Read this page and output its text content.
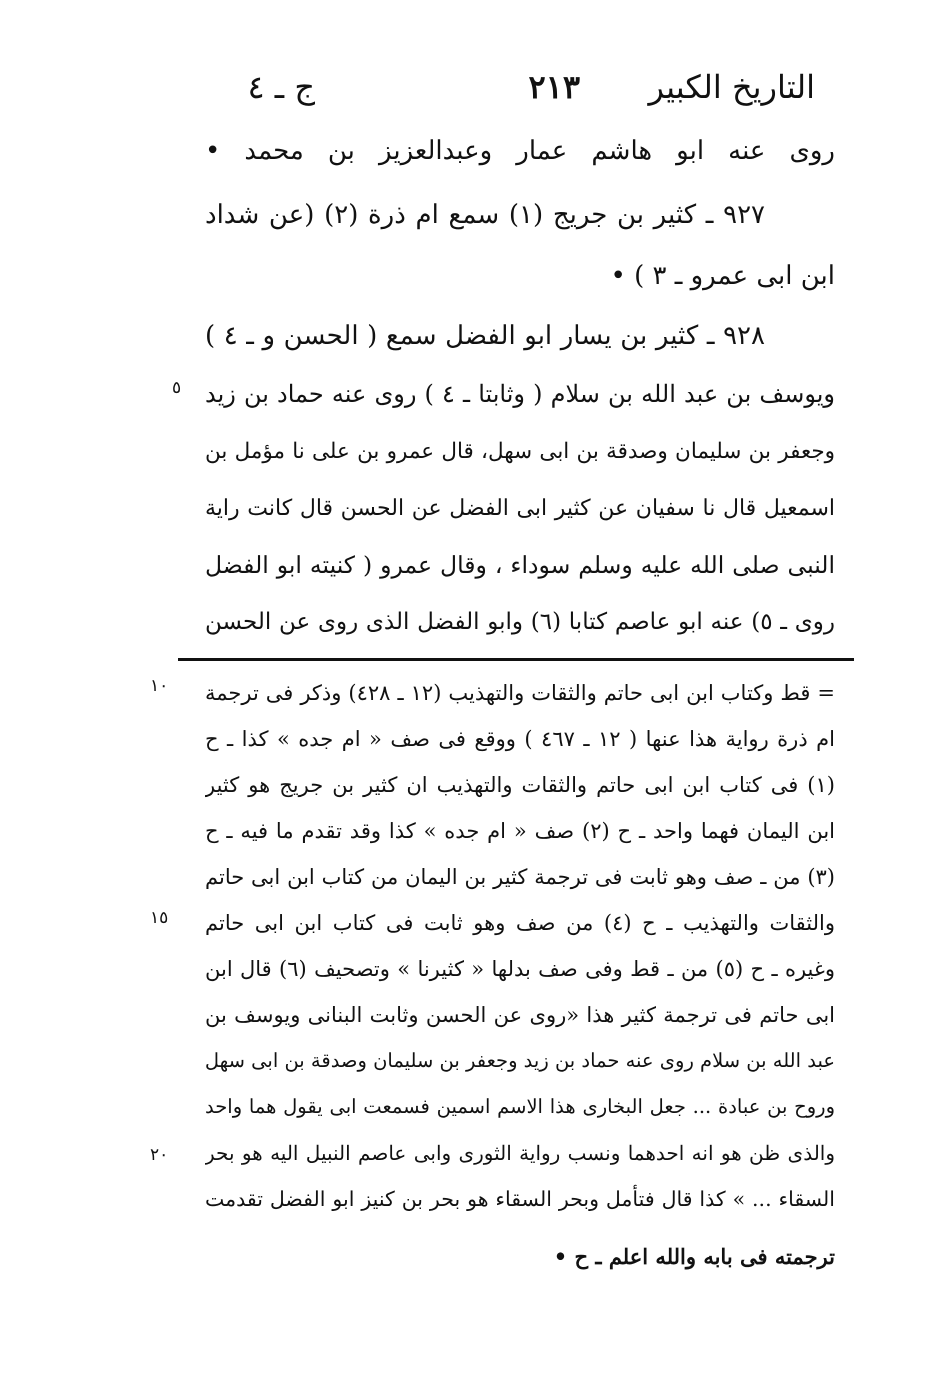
التاريخ الكبير
٢١٣
ج ـ ٤
روى عنه ابو هاشم عمار وعبدالعزيز بن محمد •
٩٢٧ ـ كثير بن جريج (١) سمع ام ذرة (٢) (عن شداد
ابن ابى عمرو ـ ٣ ) •
٩٢٨ ـ كثير بن يسار ابو الفضل سمع ( الحسن و ـ ٤ )
ويوسف بن عبد الله بن سلام ( وثابتا ـ ٤ ) روى عنه حماد بن زيد
وجعفر بن سليمان وصدقة بن ابى سهل، قال عمرو بن على نا مؤمل بن
اسمعيل قال نا سفيان عن كثير ابى الفضل عن الحسن قال كانت راية
النبى صلى الله عليه وسلم سوداء ، وقال عمرو ( كنيته ابو الفضل
روى ـ ٥) عنه ابو عاصم كتابا (٦) وابو الفضل الذى روى عن الحسن
٥
= قط وكتاب ابن ابى حاتم والثقات والتهذيب (١٢ ـ ٤٢٨) وذكر فى ترجمة
ام ذرة رواية هذا عنها ( ١٢ ـ ٤٦٧ ) ووقع فى صف « ام جده » كذا ـ ح
(١) فى كتاب ابن ابى حاتم والثقات والتهذيب ان كثير بن جريج هو كثير
ابن اليمان فهما واحد ـ ح (٢) صف « ام جده » كذا وقد تقدم ما فيه ـ ح
(٣) من ـ صف وهو ثابت فى ترجمة كثير بن اليمان من كتاب ابن ابى حاتم
والثقات والتهذيب ـ ح (٤) من صف وهو ثابت فى كتاب ابن ابى حاتم
وغيره ـ ح (٥) من ـ قط وفى صف بدلها « كثيرنا » وتصحيف (٦) قال ابن
ابى حاتم فى ترجمة كثير هذا «روى عن الحسن وثابت البنانى ويوسف بن
عبد الله بن سلام روى عنه حماد بن زيد وجعفر بن سليمان وصدقة بن ابى سهل
وروح بن عبادة ... جعل البخارى هذا الاسم اسمين فسمعت ابى يقول هما واحد
والذى ظن هو انه احدهما ونسب رواية الثورى وابى عاصم النبيل اليه هو بحر
السقاء ... » كذا قال فتأمل وبحر السقاء هو بحر بن كنيز ابو الفضل تقدمت
ترجمته فى بابه والله اعلم ـ ح •
١٠
١٥
٢٠
